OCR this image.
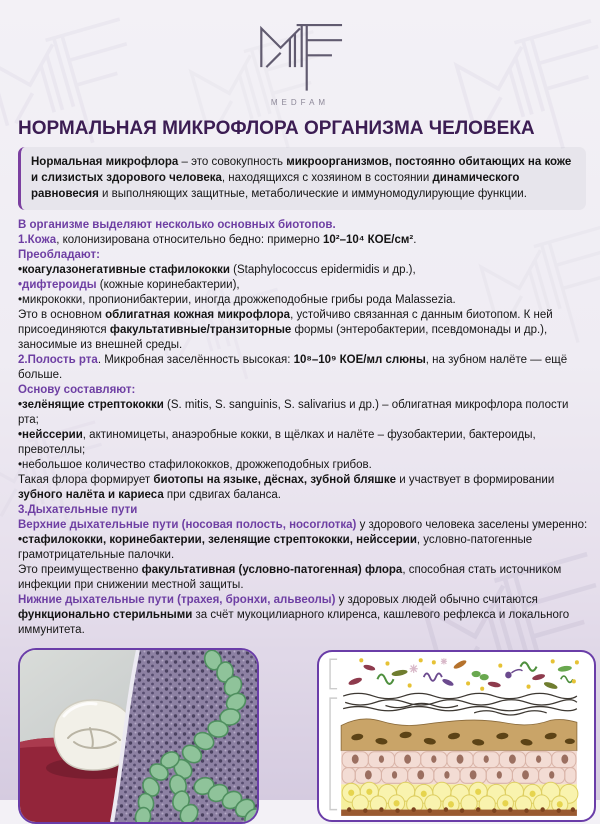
MEDFAM
НОРМАЛЬНАЯ МИКРОФЛОРА ОРГАНИЗМА ЧЕЛОВЕКА
Нормальная микрофлора – это совокупность микроорганизмов, постоянно обитающих на коже и слизистых здорового человека, находящихся с хозяином в состоянии динамического равновесия и выполняющих защитные, метаболические и иммуномодулирующие функции.

В организме выделяют несколько основных биотопов.

1.Кожа, колонизирована относительно бедно: примерно 10²–10⁴ КОЕ/см².

Преобладают:

•коагулазонегативные стафилококки (Staphylococcus epidermidis и др.),

•дифтероиды (кожные коринебактерии),

•микрококки, пропионибактерии, иногда дрожжеподобные грибы рода Malassezia.

Это в основном облигатная кожная микрофлора, устойчиво связанная с данным биотопом. К ней присоединяются факультативные/транзиторные формы (энтеробактерии, псевдомонады и др.), заносимые из внешней среды.

2.Полость рта. Микробная заселённость высокая: 10⁸–10⁹ КОЕ/мл слюны, на зубном налёте — ещё больше.

Основу составляют:

•зелёнящие стрептококки (S. mitis, S. sanguinis, S. salivarius и др.) – облигатная микрофлора полости рта;

•нейссерии, актиномицеты, анаэробные кокки, в щёлках и налёте – фузобактерии, бактероиды, превотеллы;

•небольшое количество стафилококков, дрожжеподобных грибов.

Такая флора формирует биотопы на языке, дёснах, зубной бляшке и участвует в формировании зубного налёта и кариеса при сдвигах баланса.

3.Дыхательные пути

Верхние дыхательные пути (носовая полость, носоглотка) у здорового человека заселены умеренно:

•стафилококки, коринебактерии, зеленящие стрептококки, нейссерии, условно-патогенные грамотрицательные палочки.

Это преимущественно факультативная (условно-патогенная) флора, способная стать источником инфекции при снижении местной защиты.

Нижние дыхательные пути (трахея, бронхи, альвеолы) у здоровых людей обычно считаются функционально стерильными за счёт мукоцилиарного клиренса, кашлевого рефлекса и локального иммунитета.
